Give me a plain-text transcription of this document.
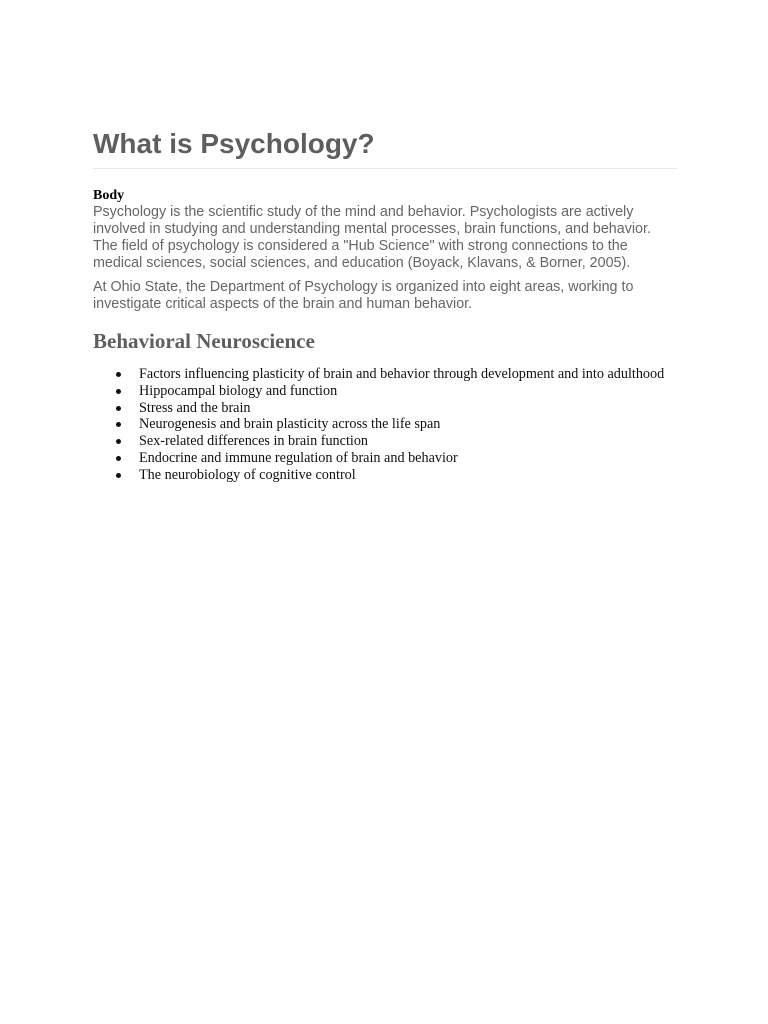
What is Psychology?
Body

Psychology is the scientific study of the mind and behavior. Psychologists are actively involved in studying and understanding mental processes, brain functions, and behavior. The field of psychology is considered a "Hub Science" with strong connections to the medical sciences, social sciences, and education (Boyack, Klavans, & Borner, 2005).

At Ohio State, the Department of Psychology is organized into eight areas, working to investigate critical aspects of the brain and human behavior.

Behavioral Neuroscience
Factors influencing plasticity of brain and behavior through development and into adulthood
Hippocampal biology and function
Stress and the brain
Neurogenesis and brain plasticity across the life span
Sex-related differences in brain function
Endocrine and immune regulation of brain and behavior
The neurobiology of cognitive control
